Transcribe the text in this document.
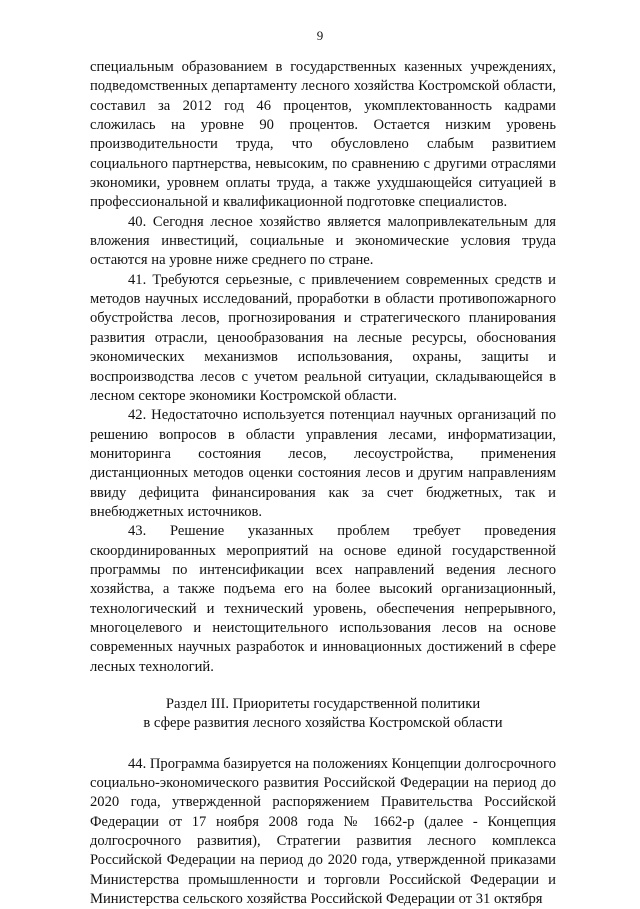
9

специальным образованием в государственных казенных учреждениях, подведомственных департаменту лесного хозяйства Костромской области, составил за 2012 год 46 процентов, укомплектованность кадрами сложилась на уровне 90 процентов. Остается низким уровень производительности труда, что обусловлено слабым развитием социального партнерства, невысоким, по сравнению с другими отраслями экономики, уровнем оплаты труда, а также ухудшающейся ситуацией в профессиональной и квалификационной подготовке специалистов.

40. Сегодня лесное хозяйство является малопривлекательным для вложения инвестиций, социальные и экономические условия труда остаются на уровне ниже среднего по стране.

41. Требуются серьезные, с привлечением современных средств и методов научных исследований, проработки в области противопожарного обустройства лесов, прогнозирования и стратегического планирования развития отрасли, ценообразования на лесные ресурсы, обоснования экономических механизмов использования, охраны, защиты и воспроизводства лесов с учетом реальной ситуации, складывающейся в лесном секторе экономики Костромской области.

42. Недостаточно используется потенциал научных организаций по решению вопросов в области управления лесами, информатизации, мониторинга состояния лесов, лесоустройства, применения дистанционных методов оценки состояния лесов и другим направлениям ввиду дефицита финансирования как за счет бюджетных, так и внебюджетных источников.

43. Решение указанных проблем требует проведения скоординированных мероприятий на основе единой государственной программы по интенсификации всех направлений ведения лесного хозяйства, а также подъема его на более высокий организационный, технологический и технический уровень, обеспечения непрерывного, многоцелевого и неистощительного использования лесов на основе современных научных разработок и инновационных достижений в сфере лесных технологий.

Раздел III. Приоритеты государственной политики
в сфере развития лесного хозяйства Костромской области

44. Программа базируется на положениях Концепции долгосрочного социально-экономического развития Российской Федерации на период до 2020 года, утвержденной распоряжением Правительства Российской Федерации от 17 ноября 2008 года № 1662-р (далее - Концепция долгосрочного развития), Стратегии развития лесного комплекса Российской Федерации на период до 2020 года, утвержденной приказами Министерства промышленности и торговли Российской Федерации и Министерства сельского хозяйства Российской Федерации от 31 октября
